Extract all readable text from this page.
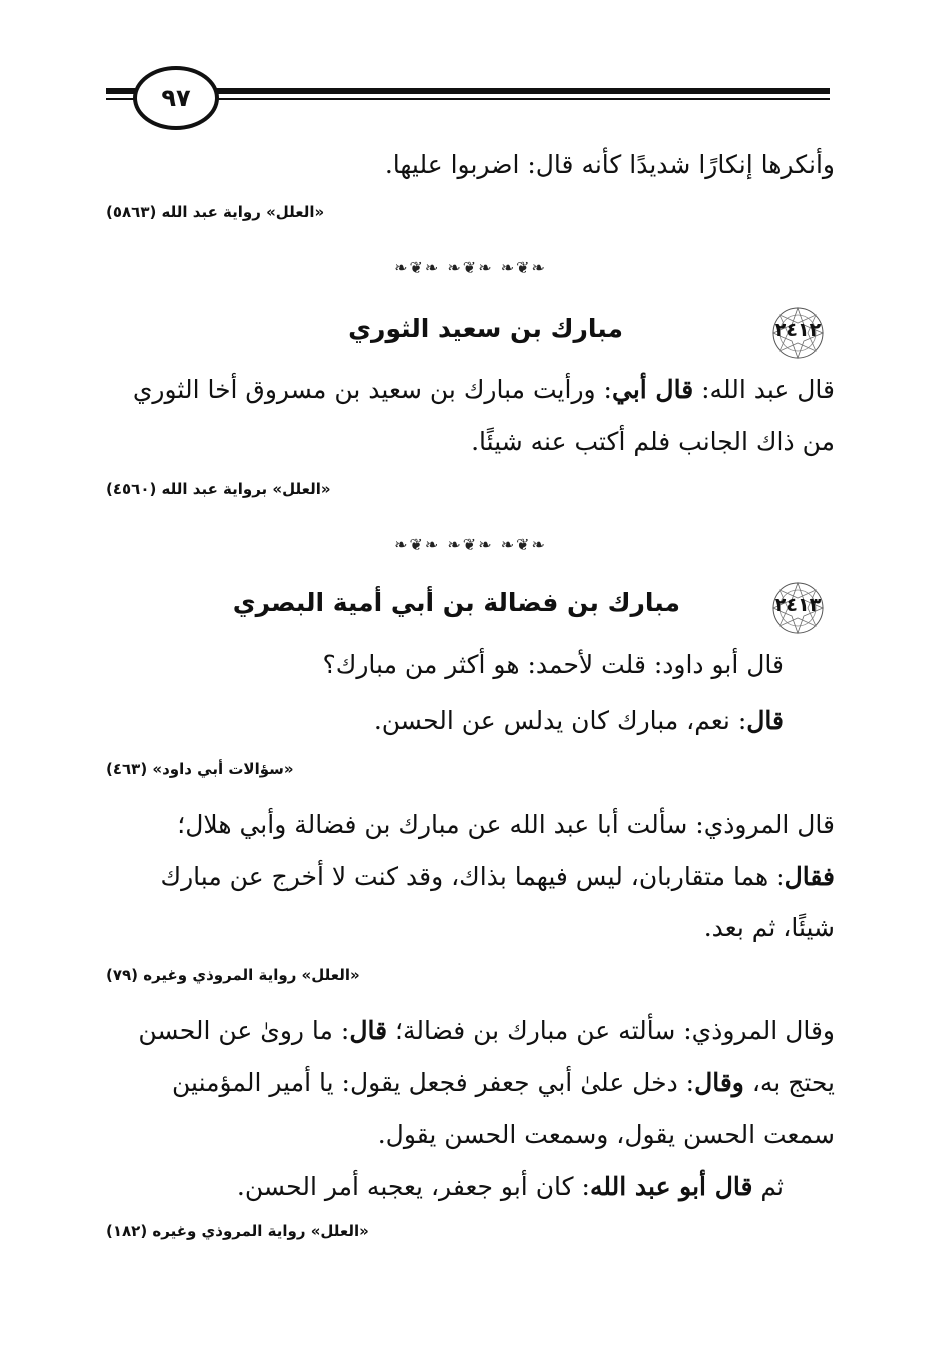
٩٧
وأنكرها إنكارًا شديدًا كأنه قال: اضربوا عليها.
«العلل» رواية عبد الله (٥٨٦٣)
❧❦❧ ❧❦❧ ❧❦❧
٢٤١٢
مبارك بن سعيد الثوري
قال عبد الله: قال أبي: ورأيت مبارك بن سعيد بن مسروق أخا الثوري
من ذاك الجانب فلم أكتب عنه شيئًا.
«العلل» برواية عبد الله (٤٥٦٠)
❧❦❧ ❧❦❧ ❧❦❧
٢٤١٣
مبارك بن فضالة بن أبي أمية البصري
قال أبو داود: قلت لأحمد: هو أكثر من مبارك؟
قال: نعم، مبارك كان يدلس عن الحسن.
«سؤالات أبي داود» (٤٦٣)
قال المروذي: سألت أبا عبد الله عن مبارك بن فضالة وأبي هلال؛
فقال: هما متقاربان، ليس فيهما بذاك، وقد كنت لا أخرج عن مبارك
شيئًا، ثم بعد.
«العلل» رواية المروذي وغيره (٧٩)
وقال المروذي: سألته عن مبارك بن فضالة؛ قال: ما روىٰ عن الحسن
يحتج به، وقال: دخل علىٰ أبي جعفر فجعل يقول: يا أمير المؤمنين
سمعت الحسن يقول، وسمعت الحسن يقول.
ثم قال أبو عبد الله: كان أبو جعفر، يعجبه أمر الحسن.
«العلل» رواية المروذي وغيره (١٨٢)
